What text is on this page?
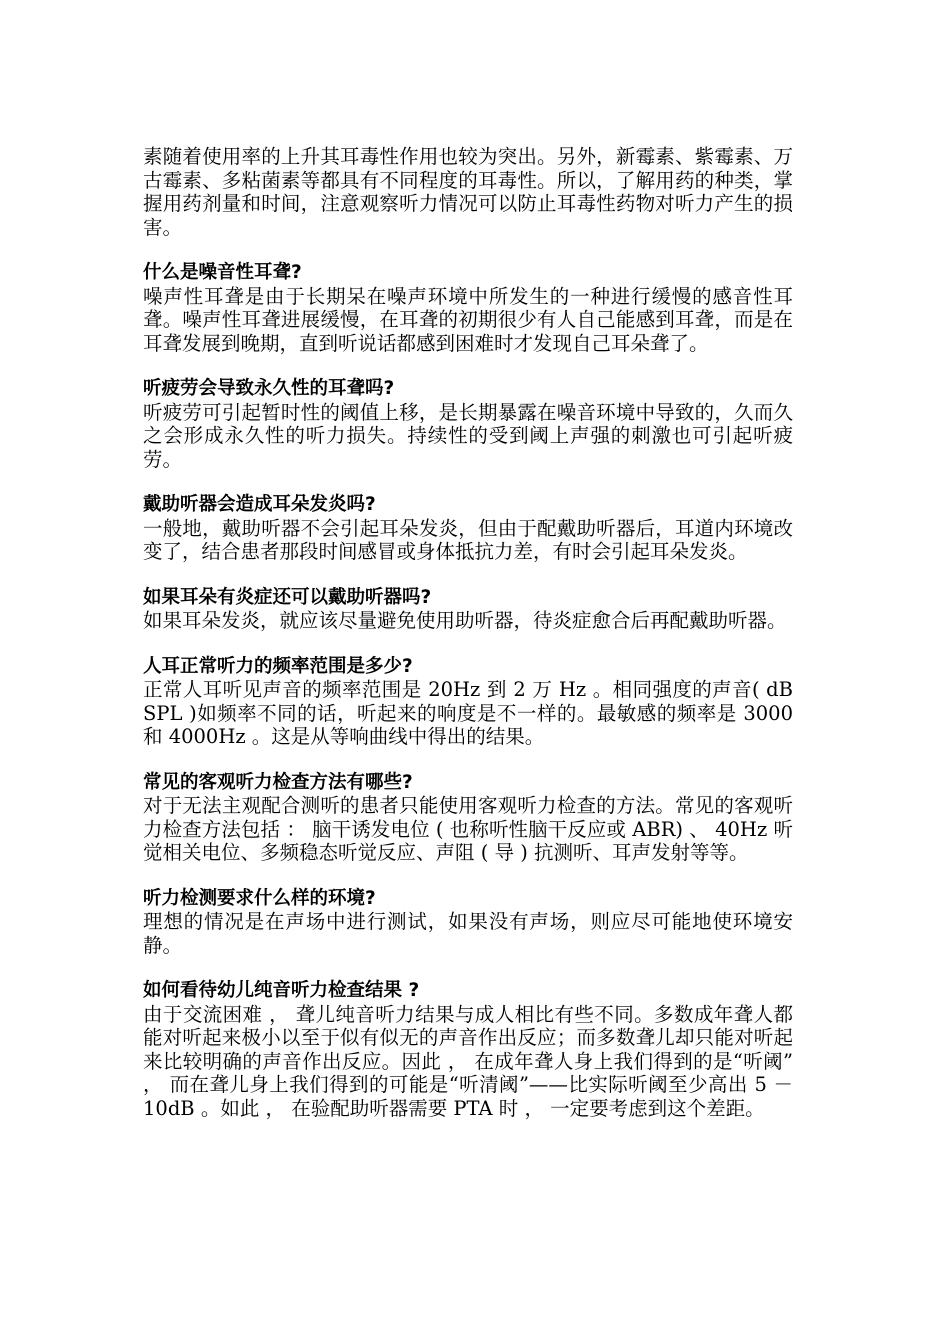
素随着使用率的上升其耳毒性作用也较为突出。另外，新霉素、紫霉素、万古霉素、多粘菌素等都具有不同程度的耳毒性。所以，了解用药的种类，掌握用药剂量和时间，注意观察听力情况可以防止耳毒性药物对听力产生的损害。

什么是噪音性耳聋?

噪声性耳聋是由于长期呆在噪声环境中所发生的一种进行缓慢的感音性耳聋。噪声性耳聋进展缓慢，在耳聋的初期很少有人自己能感到耳聋，而是在耳聋发展到晚期，直到听说话都感到困难时才发现自己耳朵聋了。

听疲劳会导致永久性的耳聋吗?

听疲劳可引起暂时性的阈值上移，是长期暴露在噪音环境中导致的，久而久之会形成永久性的听力损失。持续性的受到阈上声强的刺激也可引起听疲劳。

戴助听器会造成耳朵发炎吗?

一般地，戴助听器不会引起耳朵发炎，但由于配戴助听器后，耳道内环境改变了，结合患者那段时间感冒或身体抵抗力差，有时会引起耳朵发炎。

如果耳朵有炎症还可以戴助听器吗?

如果耳朵发炎，就应该尽量避免使用助听器，待炎症愈合后再配戴助听器。

人耳正常听力的频率范围是多少?

正常人耳听见声音的频率范围是 20Hz 到 2 万 Hz 。相同强度的声音( dB SPL )如频率不同的话，听起来的响度是不一样的。最敏感的频率是 3000 和 4000Hz 。这是从等响曲线中得出的结果。

常见的客观听力检查方法有哪些?

对于无法主观配合测听的患者只能使用客观听力检查的方法。常见的客观听力检查方法包括 ： 脑干诱发电位 ( 也称听性脑干反应或 ABR) 、 40Hz 听觉相关电位、多频稳态听觉反应、声阻 ( 导 ) 抗测听、耳声发射等等。

听力检测要求什么样的环境?

理想的情况是在声场中进行测试，如果没有声场，则应尽可能地使环境安静。

如何看待幼儿纯音听力检查结果 ?

由于交流困难 ， 聋儿纯音听力结果与成人相比有些不同。多数成年聋人都能对听起来极小以至于似有似无的声音作出反应；而多数聋儿却只能对听起来比较明确的声音作出反应。因此 ， 在成年聋人身上我们得到的是“听阈” ， 而在聋儿身上我们得到的可能是“听清阈”——比实际听阈至少高出 5 － 10dB 。如此 ， 在验配助听器需要 PTA 时 ， 一定要考虑到这个差距。
